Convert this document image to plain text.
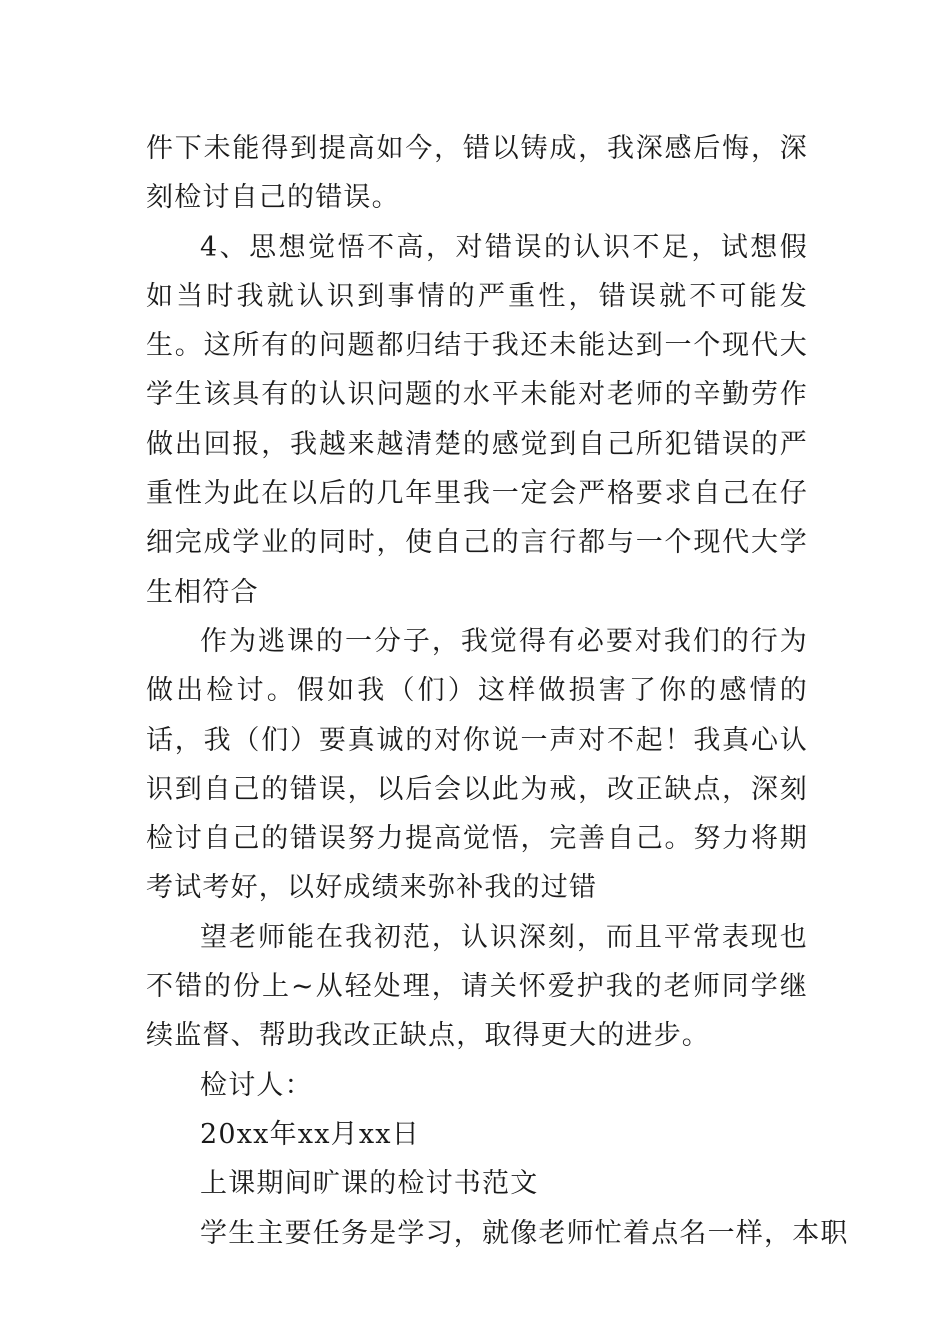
件下未能得到提高如今，错以铸成，我深感后悔，深刻检讨自己的错误。

4、思想觉悟不高，对错误的认识不足，试想假如当时我就认识到事情的严重性，错误就不可能发生。这所有的问题都归结于我还未能达到一个现代大学生该具有的认识问题的水平未能对老师的辛勤劳作做出回报，我越来越清楚的感觉到自己所犯错误的严重性为此在以后的几年里我一定会严格要求自己在仔细完成学业的同时，使自己的言行都与一个现代大学生相符合

作为逃课的一分子，我觉得有必要对我们的行为做出检讨。假如我（们）这样做损害了你的感情的话，我（们）要真诚的对你说一声对不起！我真心认识到自己的错误，以后会以此为戒，改正缺点，深刻检讨自己的错误努力提高觉悟，完善自己。努力将期考试考好，以好成绩来弥补我的过错

望老师能在我初范，认识深刻，而且平常表现也不错的份上~从轻处理，请关怀爱护我的老师同学继续监督、帮助我改正缺点，取得更大的进步。

检讨人：

20xx年xx月xx日

上课期间旷课的检讨书范文

学生主要任务是学习，就像老师忙着点名一样，本职
